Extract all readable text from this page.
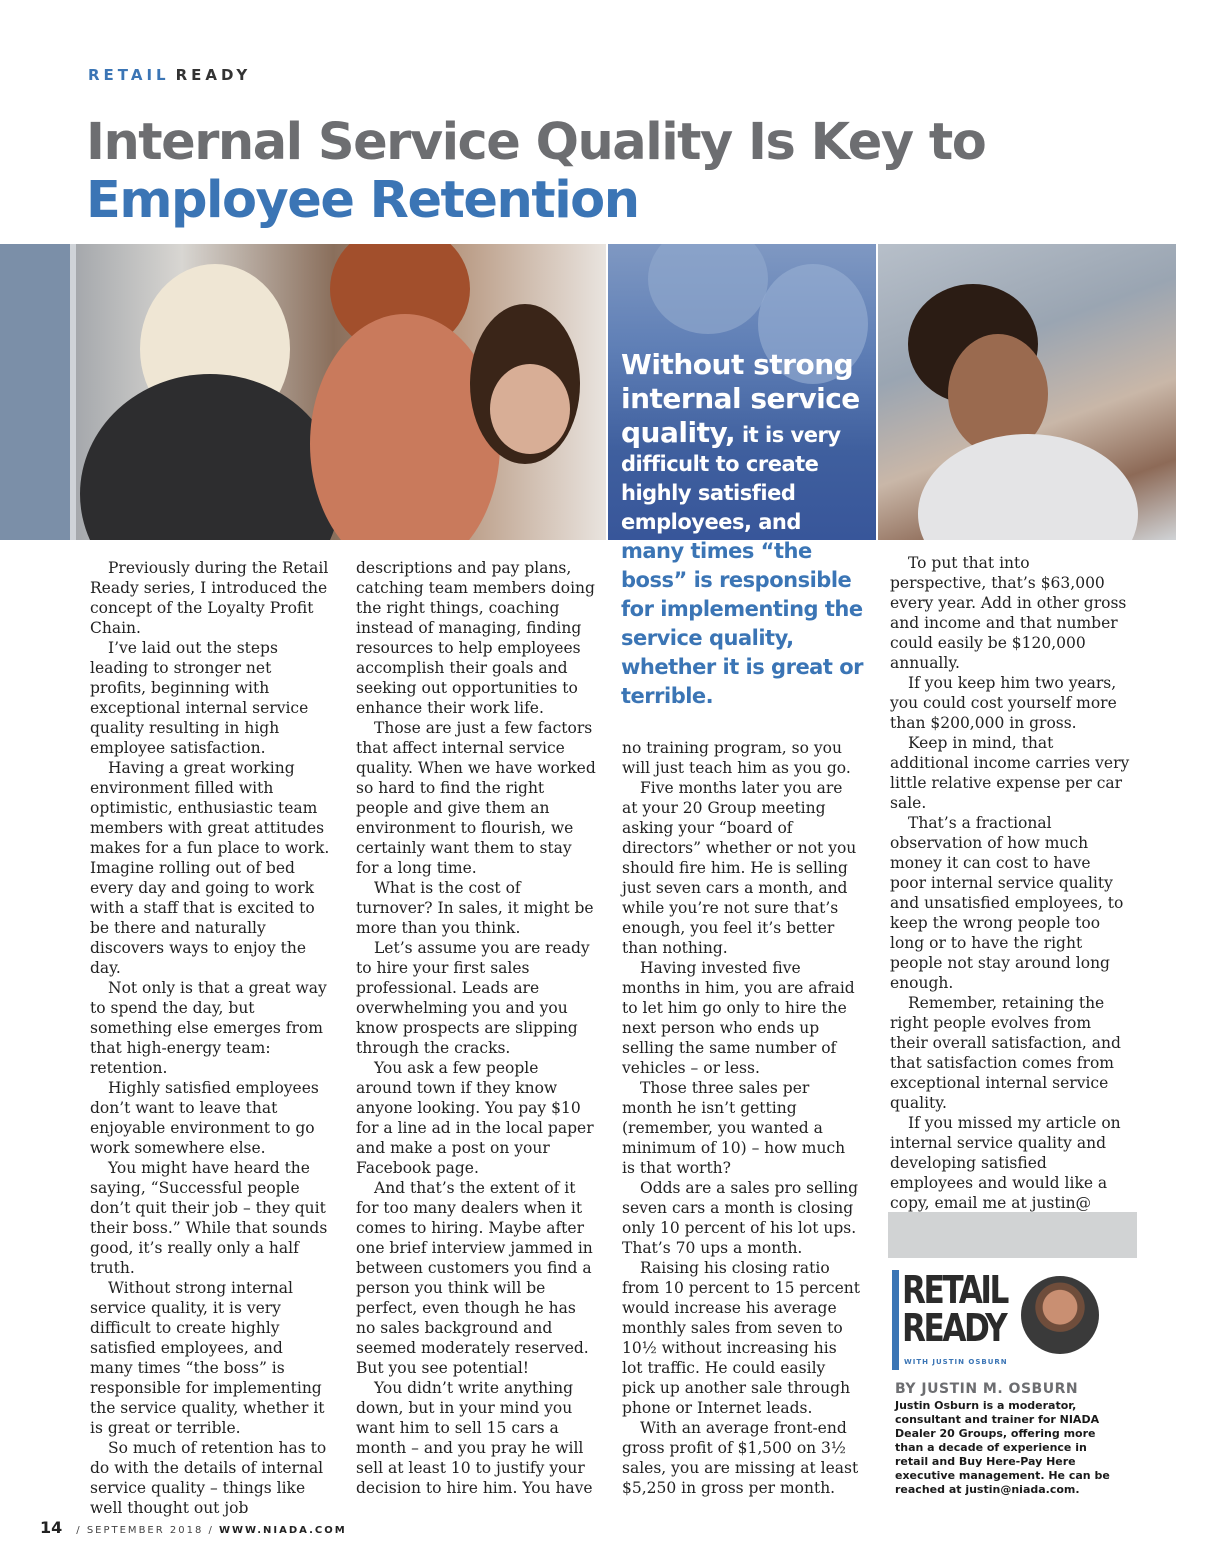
RETAIL READY
Internal Service Quality Is Key to
Employee Retention
Without strong internal service quality, it is very difficult to create highly satisfied employees, and
many times “the boss” is responsible for implementing the service quality, whether it is great or terrible.

Previously during the Retail Ready series, I introduced the concept of the Loyalty Profit Chain.

I’ve laid out the steps leading to stronger net profits, beginning with exceptional internal service quality resulting in high employee satisfaction.

Having a great working environment filled with optimistic, enthusiastic team members with great attitudes makes for a fun place to work. Imagine rolling out of bed every day and going to work with a staff that is excited to be there and naturally discovers ways to enjoy the day.

Not only is that a great way to spend the day, but something else emerges from that high-energy team: retention.

Highly satisfied employees don’t want to leave that enjoyable environment to go work somewhere else.

You might have heard the saying, “Successful people don’t quit their job – they quit their boss.” While that sounds good, it’s really only a half truth.

Without strong internal service quality, it is very difficult to create highly satisfied employees, and many times “the boss” is responsible for implementing the service quality, whether it is great or terrible.

So much of retention has to do with the details of internal service quality – things like well thought out job

descriptions and pay plans, catching team members doing the right things, coaching instead of managing, finding resources to help employees accomplish their goals and seeking out opportunities to enhance their work life.

Those are just a few factors that affect internal service quality. When we have worked so hard to find the right people and give them an environment to flourish, we certainly want them to stay for a long time.

What is the cost of turnover? In sales, it might be more than you think.

Let’s assume you are ready to hire your first sales professional. Leads are overwhelming you and you know prospects are slipping through the cracks.

You ask a few people around town if they know anyone looking. You pay $10 for a line ad in the local paper and make a post on your Facebook page.

And that’s the extent of it for too many dealers when it comes to hiring. Maybe after one brief interview jammed in between customers you find a person you think will be perfect, even though he has no sales background and seemed moderately reserved. But you see potential!

You didn’t write anything down, but in your mind you want him to sell 15 cars a month – and you pray he will sell at least 10 to justify your decision to hire him. You have

no training program, so you will just teach him as you go.

Five months later you are at your 20 Group meeting asking your “board of directors” whether or not you should fire him. He is selling just seven cars a month, and while you’re not sure that’s enough, you feel it’s better than nothing.

Having invested five months in him, you are afraid to let him go only to hire the next person who ends up selling the same number of vehicles – or less.

Those three sales per month he isn’t getting (remember, you wanted a minimum of 10) – how much is that worth?

Odds are a sales pro selling seven cars a month is closing only 10 percent of his lot ups. That’s 70 ups a month.

Raising his closing ratio from 10 percent to 15 percent would increase his average monthly sales from seven to 10½ without increasing his lot traffic. He could easily pick up another sale through phone or Internet leads.

With an average front-end gross profit of $1,500 on 3½ sales, you are missing at least $5,250 in gross per month.

To put that into perspective, that’s $63,000 every year. Add in other gross and income and that number could easily be $120,000 annually.

If you keep him two years, you could cost yourself more than $200,000 in gross.

Keep in mind, that additional income carries very little relative expense per car sale.

That’s a fractional observation of how much money it can cost to have poor internal service quality and unsatisfied employees, to keep the wrong people too long or to have the right people not stay around long enough.

Remember, retaining the right people evolves from their overall satisfaction, and that satisfaction comes from exceptional internal service quality.

If you missed my article on internal service quality and developing satisfied employees and would like a copy, email me at justin@

RETAIL
READY
WITH JUSTIN OSBURN
BY JUSTIN M. OSBURN
Justin Osburn is a moderator, consultant and trainer for NIADA Dealer 20 Groups, offering more than a decade of experience in retail and Buy Here-Pay Here executive management. He can be reached at justin@niada.com.
14 / SEPTEMBER 2018 / WWW.NIADA.COM
